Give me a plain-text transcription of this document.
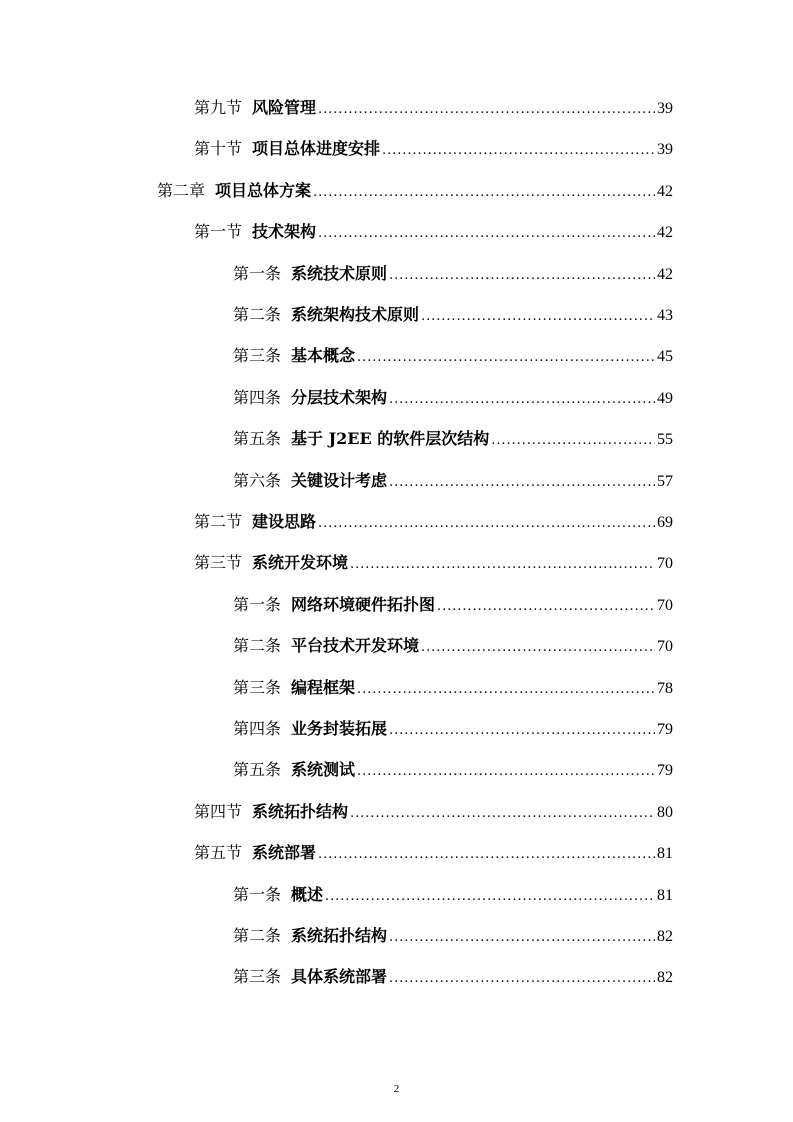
第九节 风险管理 . . .	39
第十节 项目总体进度安排 . . .	39
第二章 项目总体方案 . . .	42
第一节 技术架构 . . .	42
第一条 系统技术原则 . . .	42
第二条 系统架构技术原则 . . .	43
第三条 基本概念 . . .	45
第四条 分层技术架构 . . .	49
第五条 基于 J2EE 的软件层次结构 . . .	55
第六条 关键设计考虑 . . .	57
第二节 建设思路 . . .	69
第三节 系统开发环境 . . .	70
第一条 网络环境硬件拓扑图 . . .	70
第二条 平台技术开发环境 . . .	70
第三条 编程框架 . . .	78
第四条 业务封装拓展 . . .	79
第五条 系统测试 . . .	79
第四节 系统拓扑结构 . . .	80
第五节 系统部署 . . .	81
第一条 概述 . . .	81
第二条 系统拓扑结构 . . .	82
第三条 具体系统部署 . . .	82
2
